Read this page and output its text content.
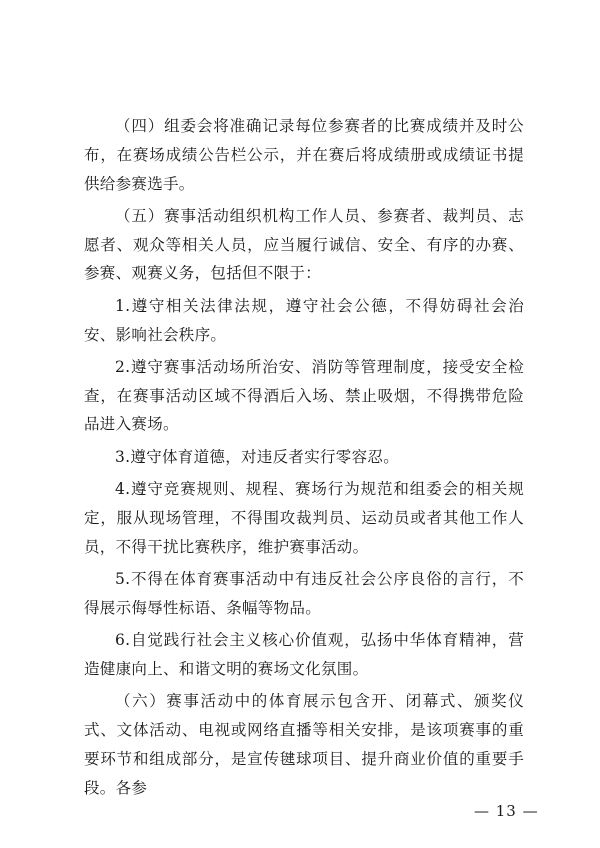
（四）组委会将准确记录每位参赛者的比赛成绩并及时公布，在赛场成绩公告栏公示，并在赛后将成绩册或成绩证书提供给参赛选手。

（五）赛事活动组织机构工作人员、参赛者、裁判员、志愿者、观众等相关人员，应当履行诚信、安全、有序的办赛、参赛、观赛义务，包括但不限于：

1.遵守相关法律法规，遵守社会公德，不得妨碍社会治安、影响社会秩序。

2.遵守赛事活动场所治安、消防等管理制度，接受安全检查，在赛事活动区域不得酒后入场、禁止吸烟，不得携带危险品进入赛场。

3.遵守体育道德，对违反者实行零容忍。

4.遵守竞赛规则、规程、赛场行为规范和组委会的相关规定，服从现场管理，不得围攻裁判员、运动员或者其他工作人员，不得干扰比赛秩序，维护赛事活动。

5.不得在体育赛事活动中有违反社会公序良俗的言行，不得展示侮辱性标语、条幅等物品。

6.自觉践行社会主义核心价值观，弘扬中华体育精神，营造健康向上、和谐文明的赛场文化氛围。

（六）赛事活动中的体育展示包含开、闭幕式、颁奖仪式、文体活动、电视或网络直播等相关安排，是该项赛事的重要环节和组成部分，是宣传毽球项目、提升商业价值的重要手段。各参

— 13 —
